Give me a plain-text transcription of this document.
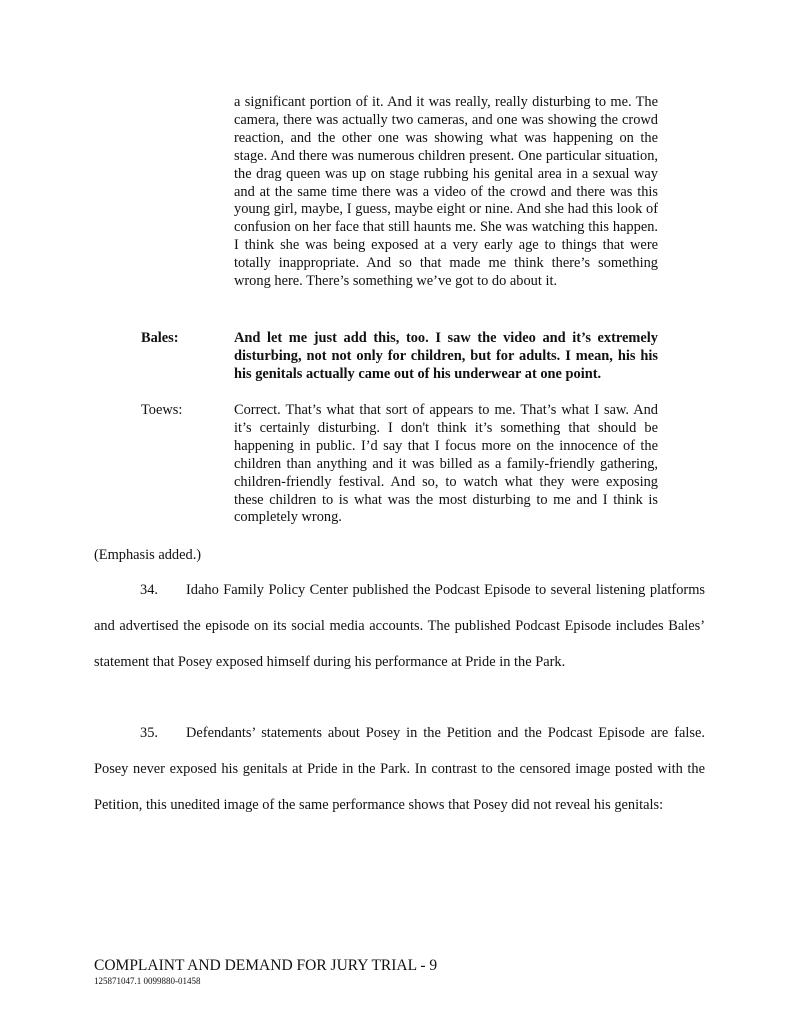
a significant portion of it. And it was really, really disturbing to me. The camera, there was actually two cameras, and one was showing the crowd reaction, and the other one was showing what was happening on the stage. And there was numerous children present. One particular situation, the drag queen was up on stage rubbing his genital area in a sexual way and at the same time there was a video of the crowd and there was this young girl, maybe, I guess, maybe eight or nine. And she had this look of confusion on her face that still haunts me. She was watching this happen. I think she was being exposed at a very early age to things that were totally inappropriate. And so that made me think there’s something wrong here. There’s something we’ve got to do about it.
Bales:	And let me just add this, too. I saw the video and it’s extremely disturbing, not not only for children, but for adults. I mean, his his his genitals actually came out of his underwear at one point.
Toews:	Correct. That’s what that sort of appears to me. That’s what I saw. And it’s certainly disturbing. I don't think it’s something that should be happening in public. I’d say that I focus more on the innocence of the children than anything and it was billed as a family-friendly gathering, children-friendly festival. And so, to watch what they were exposing these children to is what was the most disturbing to me and I think is completely wrong.
(Emphasis added.)
34. Idaho Family Policy Center published the Podcast Episode to several listening platforms and advertised the episode on its social media accounts. The published Podcast Episode includes Bales’ statement that Posey exposed himself during his performance at Pride in the Park.
35. Defendants’ statements about Posey in the Petition and the Podcast Episode are false. Posey never exposed his genitals at Pride in the Park. In contrast to the censored image posted with the Petition, this unedited image of the same performance shows that Posey did not reveal his genitals:
COMPLAINT AND DEMAND FOR JURY TRIAL - 9
125871047.1 0099880-01458
